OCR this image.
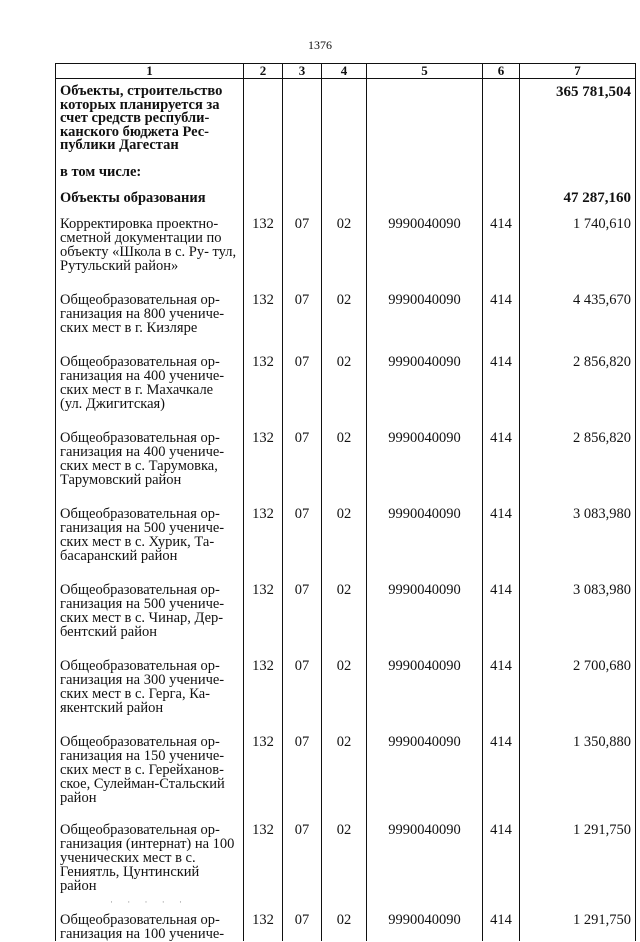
1376
1	2	3	4	5	6	7
Объекты, строительство которых планируется за счет средств республи- канского бюджета Рес- публики Дагестан						365 781,504
в том числе:						
Объекты образования						47 287,160
Корректировка проектно-сметной документации по объекту «Школа в с. Ру- тул, Рутульский район»	132	07	02	9990040090	414	1 740,610
Общеобразовательная ор- ганизация на 800 учениче- ских мест в г. Кизляре	132	07	02	9990040090	414	4 435,670
Общеобразовательная ор- ганизация на 400 учениче- ских мест в г. Махачкале (ул. Джигитская)	132	07	02	9990040090	414	2 856,820
Общеобразовательная ор- ганизация на 400 учениче- ских мест в с. Тарумовка, Тарумовский район	132	07	02	9990040090	414	2 856,820
Общеобразовательная ор- ганизация на 500 учениче- ских мест в с. Хурик, Та- басаранский район	132	07	02	9990040090	414	3 083,980
Общеобразовательная ор- ганизация на 500 учениче- ских мест в с. Чинар, Дер- бентский район	132	07	02	9990040090	414	3 083,980
Общеобразовательная ор- ганизация на 300 учениче- ских мест в с. Герга, Ка- якентский район	132	07	02	9990040090	414	2 700,680
Общеобразовательная ор- ганизация на 150 учениче- ских мест в с. Герейханов- ское, Сулейман-Стальский район	132	07	02	9990040090	414	1 350,880
Общеобразовательная ор- ганизация (интернат) на 100 ученических мест в с. Гениятль, Цунтинский район	132	07	02	9990040090	414	1 291,750
Общеобразовательная ор- ганизация на 100 учениче-	132	07	02	9990040090	414	1 291,750
· · · · ·
